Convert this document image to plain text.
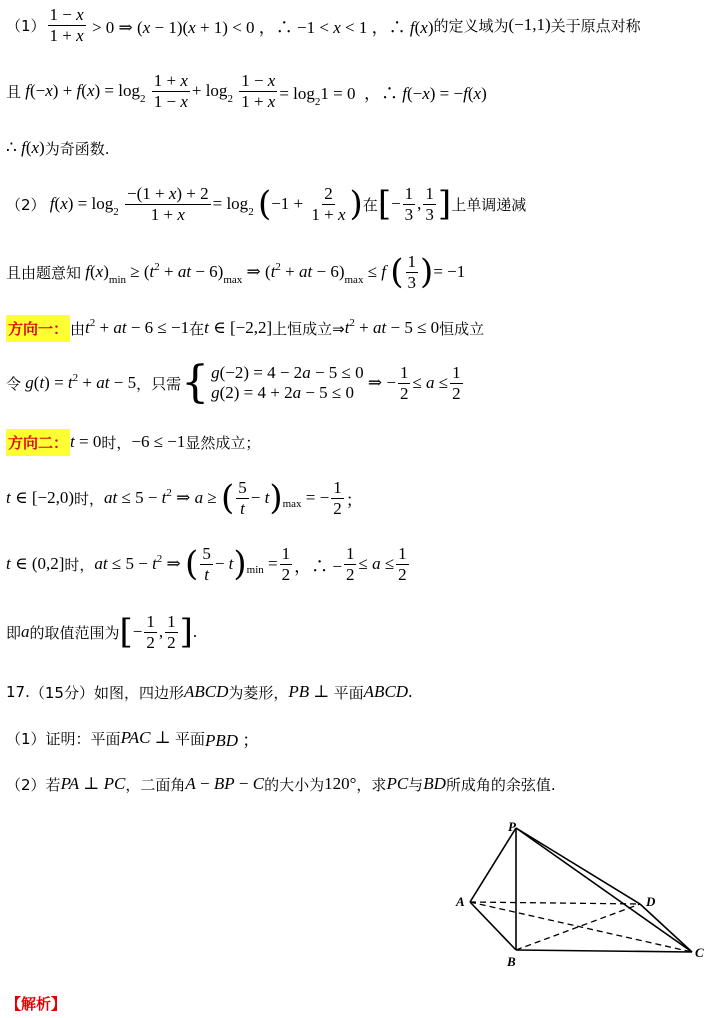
$(1) \frac{1 - x}{1 + x} > 0$ ⇒ (x − 1)(x + 1) < 0 ，∴ −1 < x < 1 ，∴ f(x) 的定义域为 (−1,1) 关于原点对称
且 $f(-x) + f(x) = \log_2 \frac{1 + x}{1 - x} + \log_2 \frac{1 - x}{1 + x} = \log_21 = 0$  ，∴ f(−x) = −f(x)
∴ f(x) 为奇函数.
（2） $f(x) = \log_2 \frac{-(1 + x) + 2}{1 + x} = \log_2$ ( $-1 + \frac{2}{1 + x}$ ) 在 [ − $\frac{1}{3}$ , $\frac{1}{3}$ ] 上单调递减
且由题意知 $f(x)_{min} \ge (t^2$ + at − $6)_{max}$ ⇒ ($t^2$ + at − $6)_{max} \le f$ ( $\frac{1}{3}$ ) = −1
方向一： 由 $t^2$ + at − 6 ≤ −1 在 t ∈ [−2,2] 上恒成立⇒ $t^2$ + at − 5 ≤ 0 恒成立
令 $g(t) = t^2$ + at − 5 ，只需 { g(−2) = 4 − 2a − 5 ≤ 0
g(2) = 4 + 2a − 5 ≤ 0
⇒ − $\frac{1}{2} \le a \le \frac{1}{2}$
方向二： t = 0 时， −6 ≤ −1 显然成立；
t ∈ [−2,0) 时， at ≤ $5 - t^2$ ⇒ a ≥ ( $\frac{5}{t} - t$ ) max = − $\frac{1}{2}$ ；
t ∈ (0,2] 时， at ≤ $5 - t^2$ ⇒ ( $\frac{5}{t} - t$ ) $\min = \frac{1}{2}$ ，∴ − $\frac{1}{2} \le a \le \frac{1}{2}$
即 a 的取值范围为 [ − $\frac{1}{2}$ , $\frac{1}{2}$ ] .
17. （15分） 如图，四边形 ABCD 为菱形， PB ⊥ 平面 ABCD.
（1） 证明：平面 PAC ⊥ 平面 PBD ；
（2） 若 PA ⊥ PC ，二面角 A − BP − C 的大小为 120° ，求 PC 与 BD 所成角的余弦值.
P
A
B
C
D
【解析】
